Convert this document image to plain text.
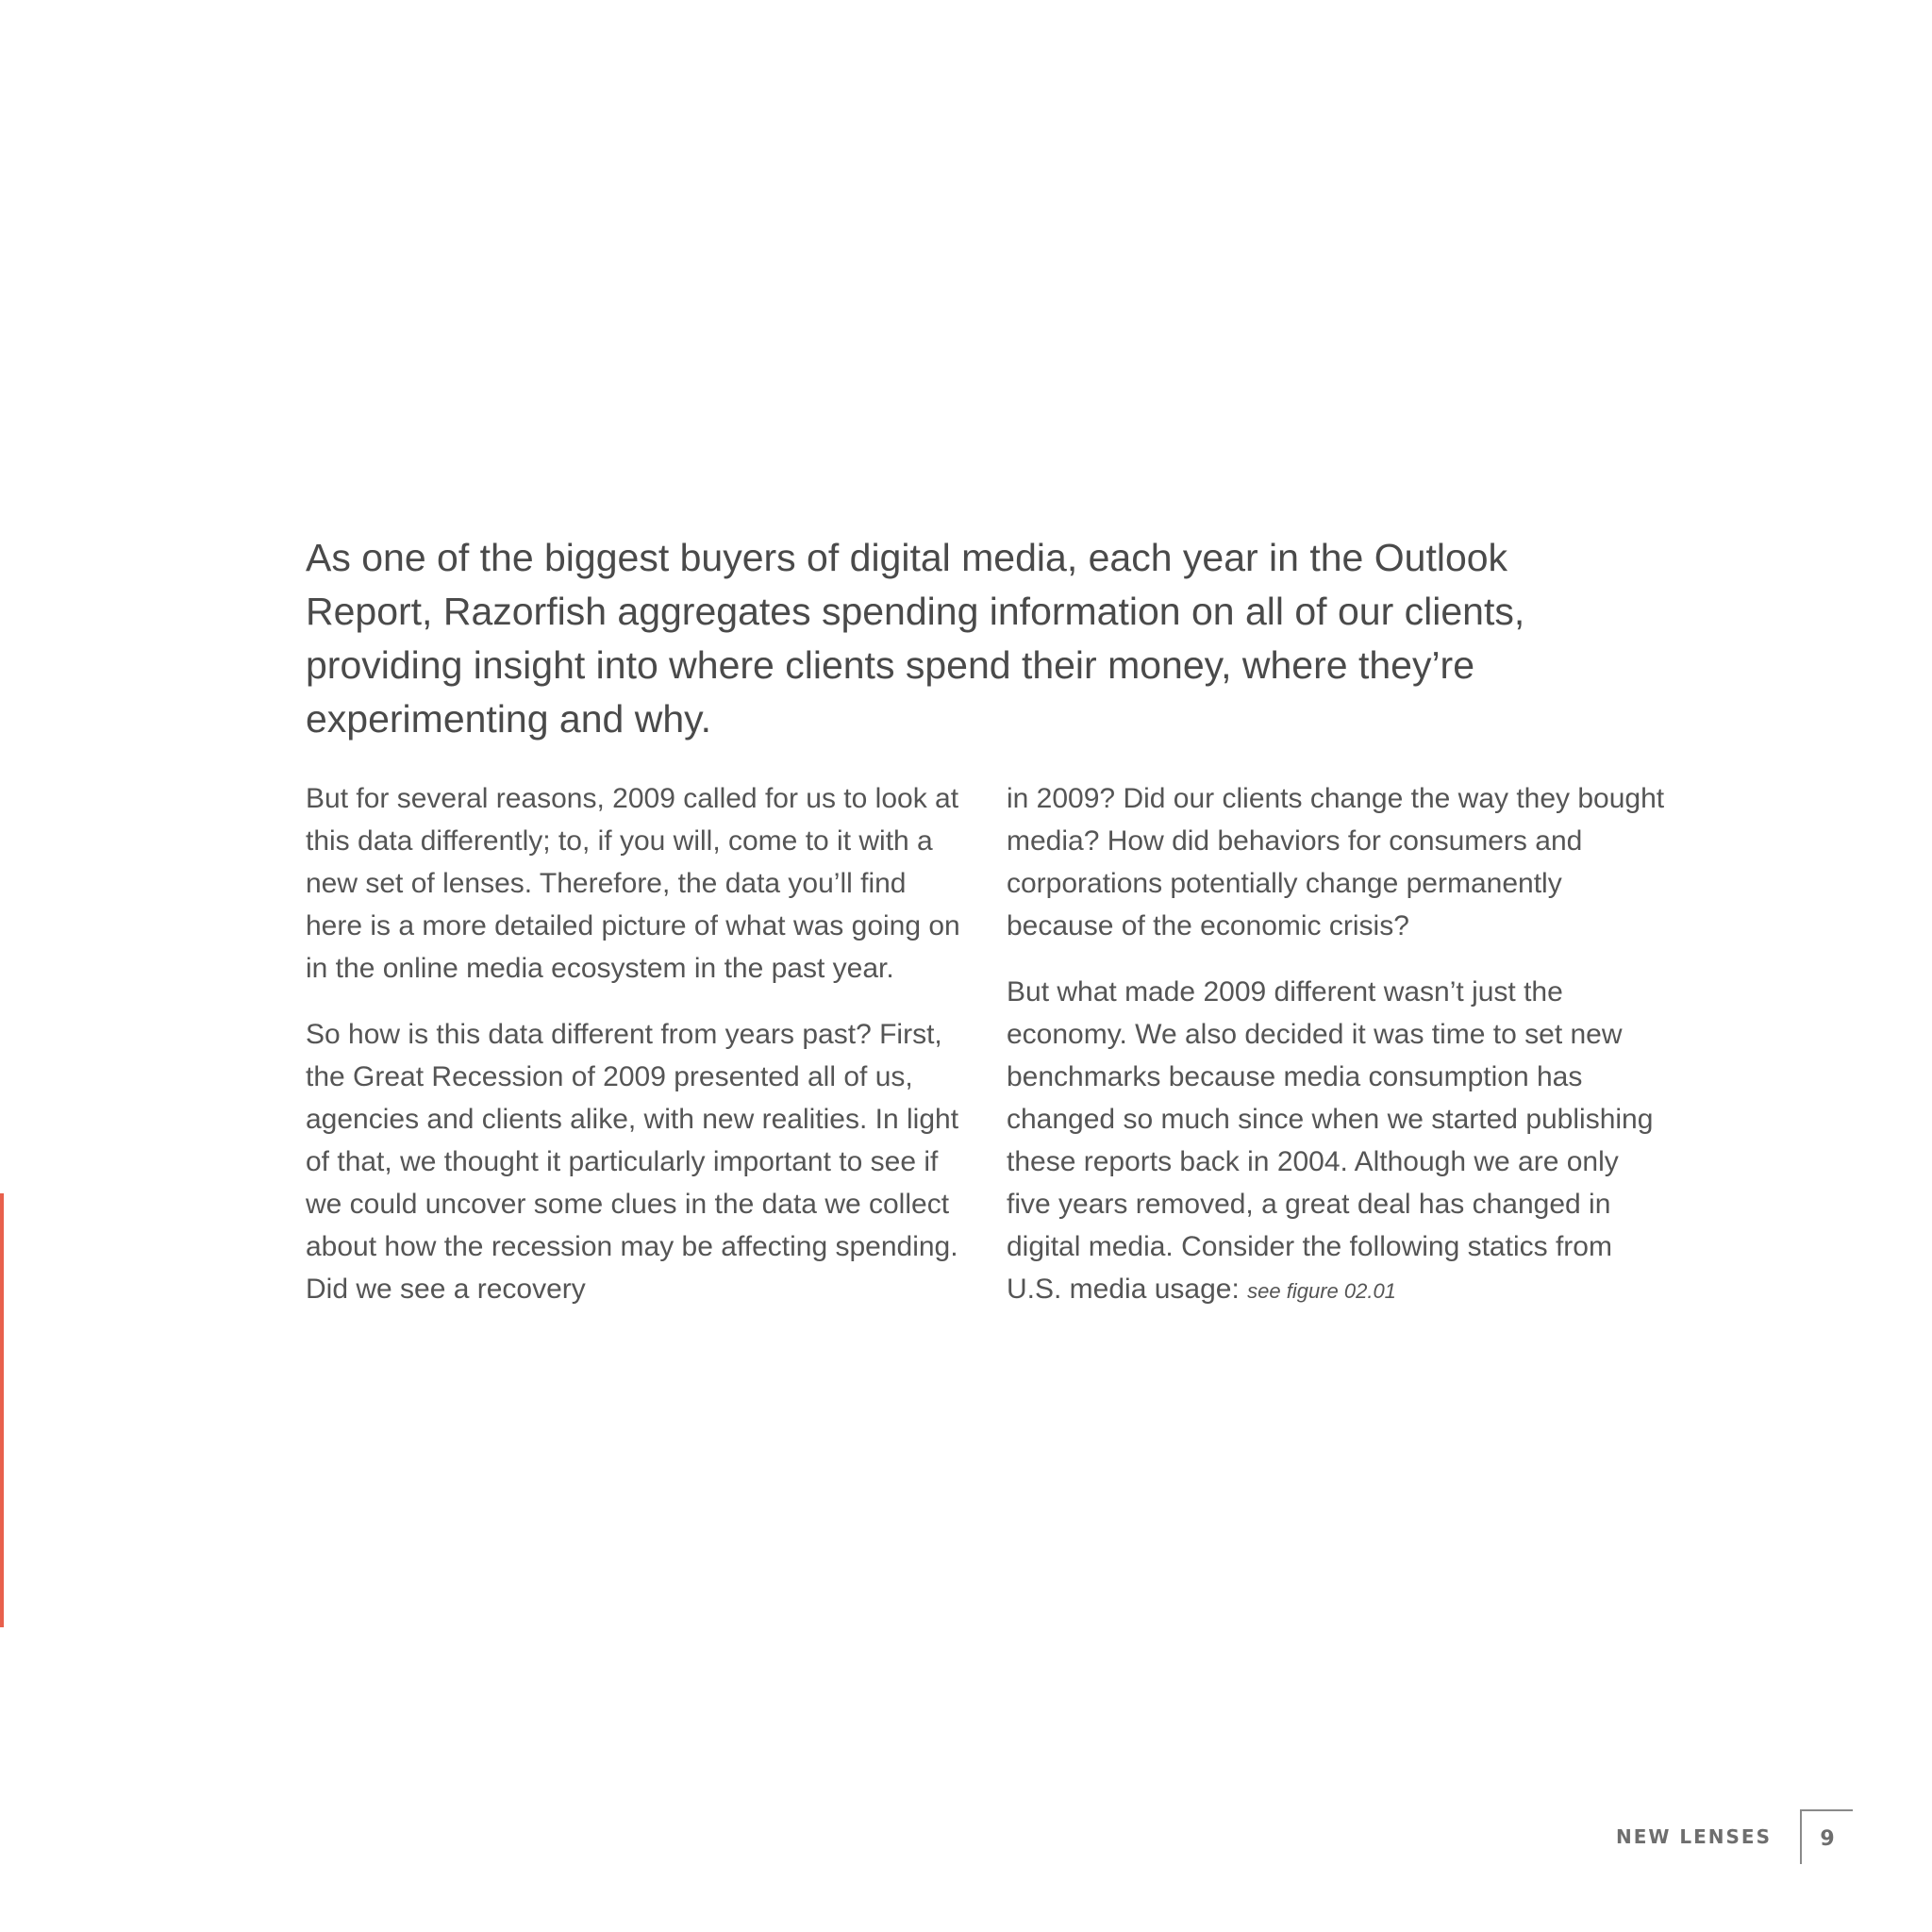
As one of the biggest buyers of digital media, each year in the Outlook Report, Razorfish aggregates spending information on all of our clients, providing insight into where clients spend their money, where they’re experimenting and why.

But for several reasons, 2009 called for us to look at this data differently; to, if you will, come to it with a new set of lenses. Therefore, the data you’ll find here is a more detailed picture of what was going on in the online media ecosystem in the past year.

So how is this data different from years past? First, the Great Recession of 2009 presented all of us, agencies and clients alike, with new realities. In light of that, we thought it particularly important to see if we could uncover some clues in the data we collect about how the recession may be affecting spending. Did we see a recovery

in 2009? Did our clients change the way they bought media? How did behaviors for consumers and corporations potentially change permanently because of the economic crisis?

But what made 2009 different wasn’t just the economy. We also decided it was time to set new benchmarks because media consumption has changed so much since when we started publishing these reports back in 2004. Although we are only five years removed, a great deal has changed in digital media. Consider the following statics from U.S. media usage: see figure 02.01

NEW LENSES 9
